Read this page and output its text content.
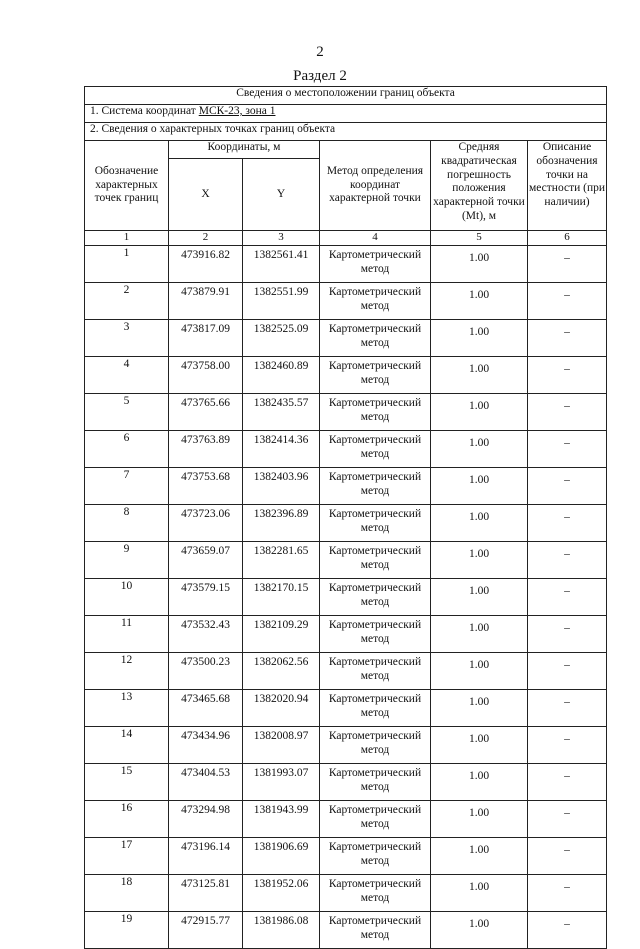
2
Раздел 2
Сведения о местоположении границ объекта					
1. Система координат МСК-23, зона 1					
2. Сведения о характерных точках границ объекта					
Обозначение характерных точек границ	Координаты, м		Метод определения координат характерной точки	Средняя квадратическая погрешность положения характерной точки (Mt), м	Описание обозначения точки на местности (при наличии)
	X	Y			
1	2	3	4	5	6
1	473916.82	1382561.41	Картометрический метод	1.00	–
2	473879.91	1382551.99	Картометрический метод	1.00	–
3	473817.09	1382525.09	Картометрический метод	1.00	–
4	473758.00	1382460.89	Картометрический метод	1.00	–
5	473765.66	1382435.57	Картометрический метод	1.00	–
6	473763.89	1382414.36	Картометрический метод	1.00	–
7	473753.68	1382403.96	Картометрический метод	1.00	–
8	473723.06	1382396.89	Картометрический метод	1.00	–
9	473659.07	1382281.65	Картометрический метод	1.00	–
10	473579.15	1382170.15	Картометрический метод	1.00	–
11	473532.43	1382109.29	Картометрический метод	1.00	–
12	473500.23	1382062.56	Картометрический метод	1.00	–
13	473465.68	1382020.94	Картометрический метод	1.00	–
14	473434.96	1382008.97	Картометрический метод	1.00	–
15	473404.53	1381993.07	Картометрический метод	1.00	–
16	473294.98	1381943.99	Картометрический метод	1.00	–
17	473196.14	1381906.69	Картометрический метод	1.00	–
18	473125.81	1381952.06	Картометрический метод	1.00	–
19	472915.77	1381986.08	Картометрический метод	1.00	–
